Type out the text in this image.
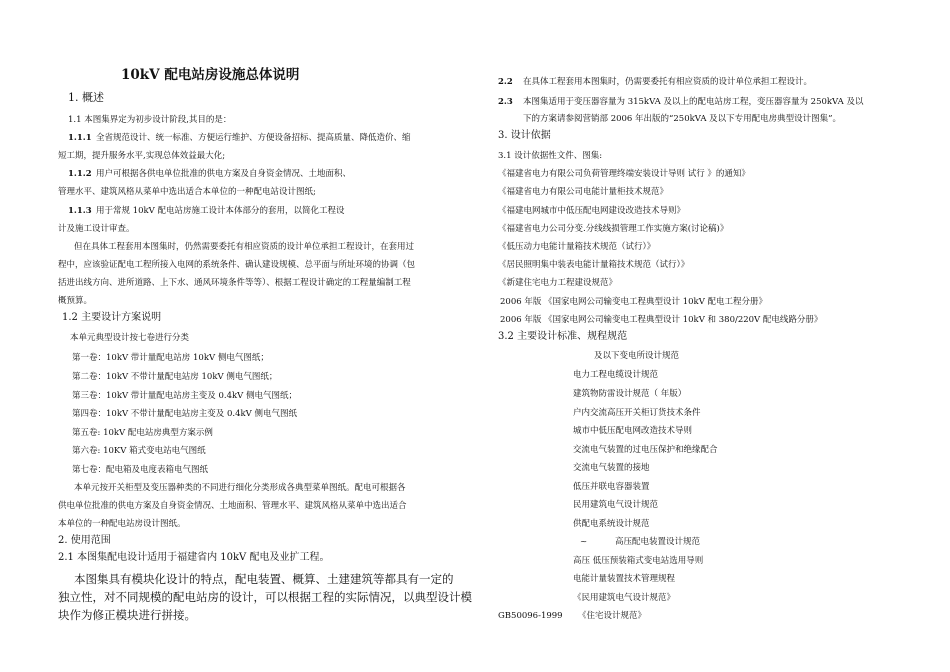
10kV 配电站房设施总体说明
1. 概述
1.1 本图集界定为初步设计阶段,其目的是：
1.1.1 全省规范设计、统一标准、方便运行维护、方便设备招标、提高质量、降低造价、缩
短工期，提升服务水平,实现总体效益最大化;
1.1.2 用户可根据各供电单位批准的供电方案及自身资金情况、土地面积、
管理水平、建筑风格从菜单中选出适合本单位的一种配电站设计图纸;
1.1.3 用于常规 10kV 配电站房施工设计本体部分的套用，以简化工程设
计及施工设计审查。
但在具体工程套用本图集时，仍然需要委托有相应资质的设计单位承担工程设计，在套用过
程中，应该验证配电工程所接入电网的系统条件、确认建设规模、总平面与所址环境的协调（包
括进出线方向、进所道路、上下水、通风环境条件等等）、根据工程设计确定的工程量编制工程
概预算。
1.2 主要设计方案说明
本单元典型设计按七卷进行分类
第一卷：10kV 带计量配电站房 10kV 侧电气图纸；
第二卷：10kV 不带计量配电站房 10kV 侧电气图纸；
第三卷：10kV 带计量配电站房主变及 0.4kV 侧电气图纸；
第四卷：10kV 不带计量配电站房主变及 0.4kV 侧电气图纸
第五卷: 10kV 配电站房典型方案示例
第六卷: 10KV 箱式变电站电气图纸
第七卷：配电箱及电度表箱电气图纸
本单元按开关柜型及变压器种类的不同进行细化分类形成各典型菜单图纸。配电可根据各
供电单位批准的供电方案及自身资金情况、土地面积、管理水平、建筑风格从菜单中选出适合
本单位的一种配电站房设计图纸。
2. 使用范围
2.1 本图集配电设计适用于福建省内 10kV 配电及业扩工程。
本图集具有模块化设计的特点，配电装置、概算、土建建筑等都具有一定的
独立性，对不同规模的配电站房的设计，可以根据工程的实际情况，以典型设计模
块作为修正模块进行拼接。
2.2 在具体工程套用本图集时，仍需要委托有相应资质的设计单位承担工程设计。
2.3 本图集适用于变压器容量为 315kVA 及以上的配电站房工程，变压器容量为 250kVA 及以
下的方案请参阅营销部 2006 年出版的“250kVA 及以下专用配电房典型设计图集”。
3. 设计依据
3.1 设计依据性文件、图集:
《福建省电力有限公司负荷管理终端安装设计导则 试行 》的通知》
《福建省电力有限公司电能计量柜技术规范》
《福建电网城市中低压配电网建设改造技术导则》
《福建省电力公司分变.分线线损管理工作实施方案(讨论稿)》
《低压动力电能计量箱技术规范（试行）》
《居民照明集中装表电能计量箱技术规范（试行）》
《新建住宅电力工程建设规范》
2006 年版 《国家电网公司输变电工程典型设计 10kV 配电工程分册》
2006 年版 《国家电网公司输变电工程典型设计 10kV 和 380/220V 配电线路分册》
3.2 主要设计标准、规程规范
及以下变电所设计规范
电力工程电缆设计规范
建筑物防雷设计规范（ 年版）
户内交流高压开关柜订货技术条件
城市中低压配电网改造技术导则
交流电气装置的过电压保护和绝缘配合
交流电气装置的接地
低压并联电容器装置
民用建筑电气设计规范
供配电系统设计规范
~	高压配电装置设计规范
高压 低压预装箱式变电站选用导则
电能计量装置技术管理规程
《民用建筑电气设计规范》
GB50096-1999 《住宅设计规范》
